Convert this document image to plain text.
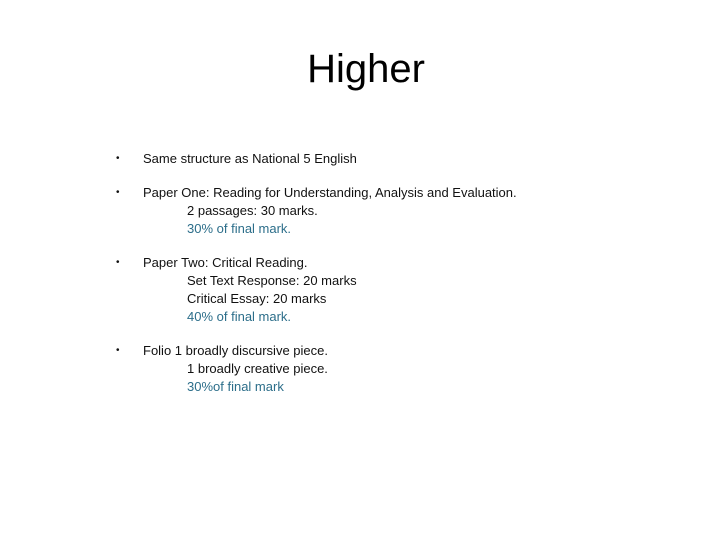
Higher
• Same structure as National 5 English
• Paper One: Reading for Understanding, Analysis and Evaluation.
2 passages: 30 marks.
30% of final mark.
• Paper Two: Critical Reading.
Set Text Response: 20 marks
Critical Essay: 20 marks
40% of final mark.
• Folio 1 broadly discursive piece.
1 broadly creative piece.
30%of final mark
